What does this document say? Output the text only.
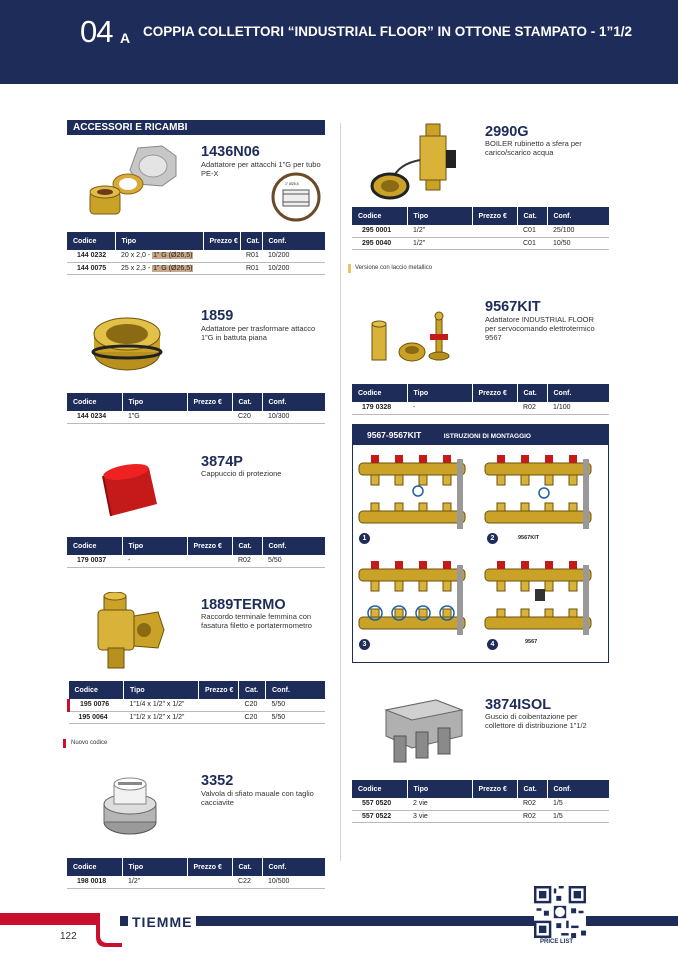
04 A COPPIA COLLETTORI “INDUSTRIAL FLOOR” IN OTTONE STAMPATO - 1”1/2
ACCESSORI E RICAMBI
1” Ø26,5
1436N06
Adattatore per attacchi 1”G per tubo PE-X
Codice	Tipo	Prezzo €	Cat.	Conf.
144 0232	20 x 2,0 - 1” G (Ø26,5)		R01	10/200
144 0075	25 x 2,3 - 1” G (Ø26,5)		R01	10/200
1859
Adattatore per trasformare attacco 1”G in battuta piana
Codice	Tipo	Prezzo €	Cat.	Conf.
144 0234	1”G		C20	10/300
3874P
Cappuccio di protezione
Codice	Tipo	Prezzo €	Cat.	Conf.
179 0037	-		R02	5/50
1889TERMO
Raccordo terminale femmina con fasatura filetto e portatermometro
Codice	Tipo	Prezzo €	Cat.	Conf.
195 0076	1”1/4 x 1/2” x 1/2”		C20	5/50
195 0064	1”1/2 x 1/2” x 1/2”		C20	5/50
Nuovo codice
3352
Valvola di sfiato mauale con taglio cacciavite
Codice	Tipo	Prezzo €	Cat.	Conf.
198 0018	1/2”		C22	10/500
2990G
BOILER rubinetto a sfera per carico/scarico acqua
Codice	Tipo	Prezzo €	Cat.	Conf.
295 0001	1/2”		C01	25/100
295 0040	1/2”		C01	10/50
Versione con laccio metallico
9567KIT
Adattatore INDUSTRIAL FLOOR per servocomando elettrotermico 9567
Codice	Tipo	Prezzo €	Cat.	Conf.
179 0328	-		R02	1/100
9567-9567KIT	ISTRUZIONI DI MONTAGGIO
1	2	9567KIT
3	4	9567
3874ISOL
Guscio di coibentazione per collettore di distribuzione 1”1/2
Codice	Tipo	Prezzo €	Cat.	Conf.
557 0520	2 vie		R02	1/5
557 0522	3 vie		R02	1/5
TIEMME
122	PRICE LIST
